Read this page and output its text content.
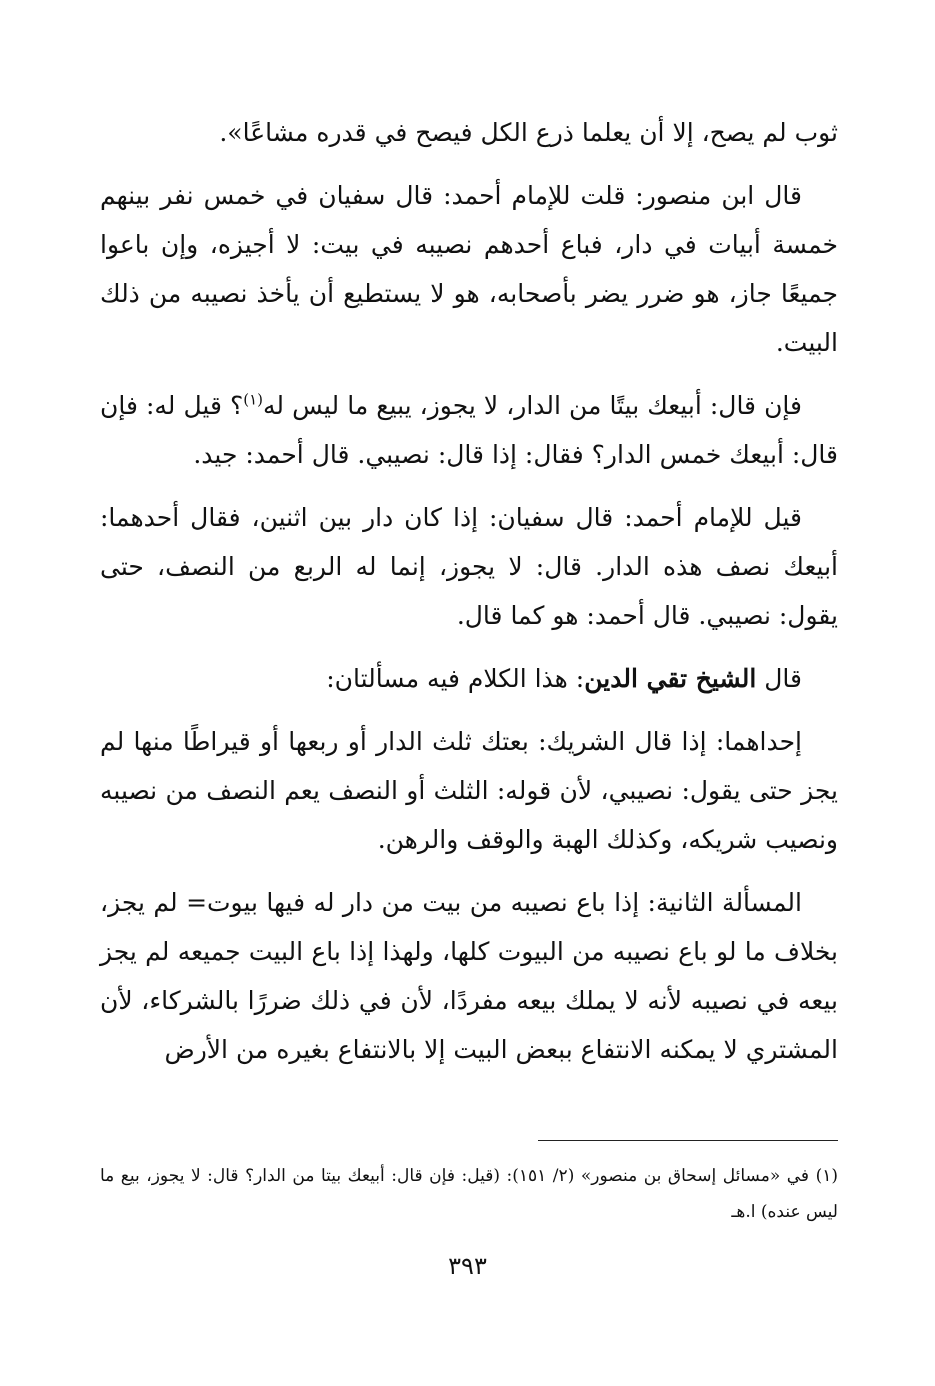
ثوب لم يصح، إلا أن يعلما ذرع الكل فيصح في قدره مشاعًا».

قال ابن منصور: قلت للإمام أحمد: قال سفيان في خمس نفر بينهم خمسة أبيات في دار، فباع أحدهم نصيبه في بيت: لا أجيزه، وإن باعوا جميعًا جاز، هو ضرر يضر بأصحابه، هو لا يستطيع أن يأخذ نصيبه من ذلك البيت.

فإن قال: أبيعك بيتًا من الدار، لا يجوز، يبيع ما ليس له$^{(١)}$؟ قيل له: فإن قال: أبيعك خمس الدار؟ فقال: إذا قال: نصيبي. قال أحمد: جيد.

قيل للإمام أحمد: قال سفيان: إذا كان دار بين اثنين، فقال أحدهما: أبيعك نصف هذه الدار. قال: لا يجوز، إنما له الربع من النصف، حتى يقول: نصيبي. قال أحمد: هو كما قال.

قال الشيخ تقي الدين: هذا الكلام فيه مسألتان:

إحداهما: إذا قال الشريك: بعتك ثلث الدار أو ربعها أو قيراطًا منها لم يجز حتى يقول: نصيبي، لأن قوله: الثلث أو النصف يعم النصف من نصيبه ونصيب شريكه، وكذلك الهبة والوقف والرهن.

المسألة الثانية: إذا باع نصيبه من بيت من دار له فيها بيوت= لم يجز، بخلاف ما لو باع نصيبه من البيوت كلها، ولهذا إذا باع البيت جميعه لم يجز بيعه في نصيبه لأنه لا يملك بيعه مفردًا، لأن في ذلك ضررًا بالشركاء، لأن المشتري لا يمكنه الانتفاع ببعض البيت إلا بالانتفاع بغيره من الأرض

(١) في «مسائل إسحاق بن منصور» (٢/ ١٥١): (قيل: فإن قال: أبيعك بيتا من الدار؟ قال: لا يجوز، بيع ما ليس عنده) ا.هـ
٣٩٣
